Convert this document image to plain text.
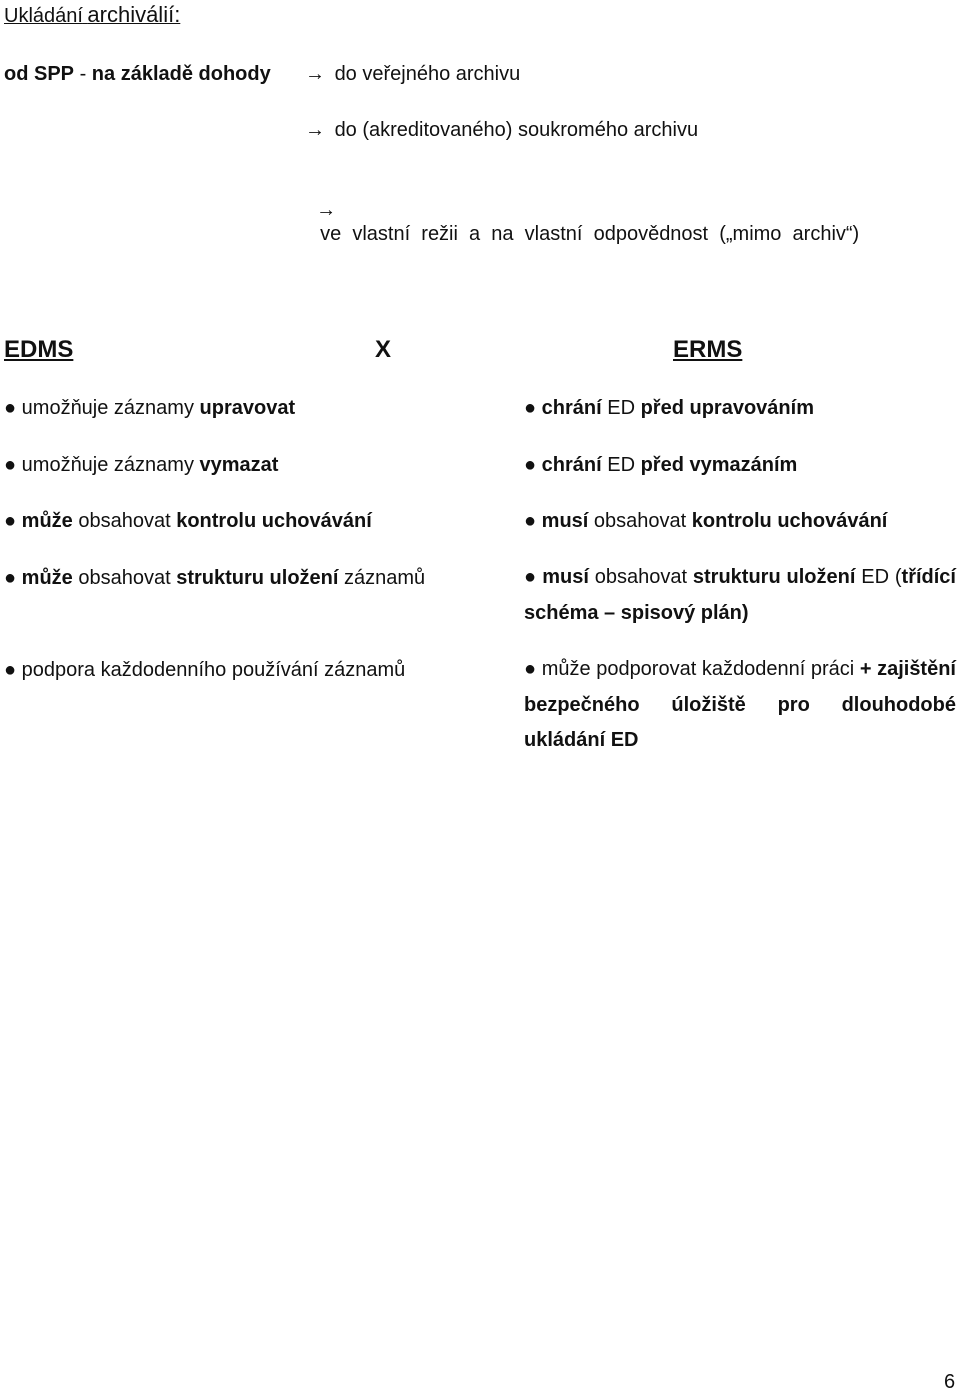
Ukládání archiválií:
od SPP - na základě dohody → do veřejného archivu
→ do (akreditovaného) soukromého archivu

→
ve  vlastní  režii  a  na  vlastní  odpovědnost  („mimo  archiv“)

EDMS	X	ERMS
● umožňuje záznamy upravovat
● umožňuje záznamy vymazat
● může obsahovat kontrolu uchovávání
● může obsahovat strukturu uložení záznamů
● podpora každodenního používání záznamů
● chrání ED před upravováním
● chrání ED před vymazáním
● musí obsahovat kontrolu uchovávání
● musí obsahovat strukturu uložení ED (třídící schéma – spisový plán)
● může podporovat každodenní práci + zajištění bezpečného úložiště pro dlouhodobé ukládání ED
6
